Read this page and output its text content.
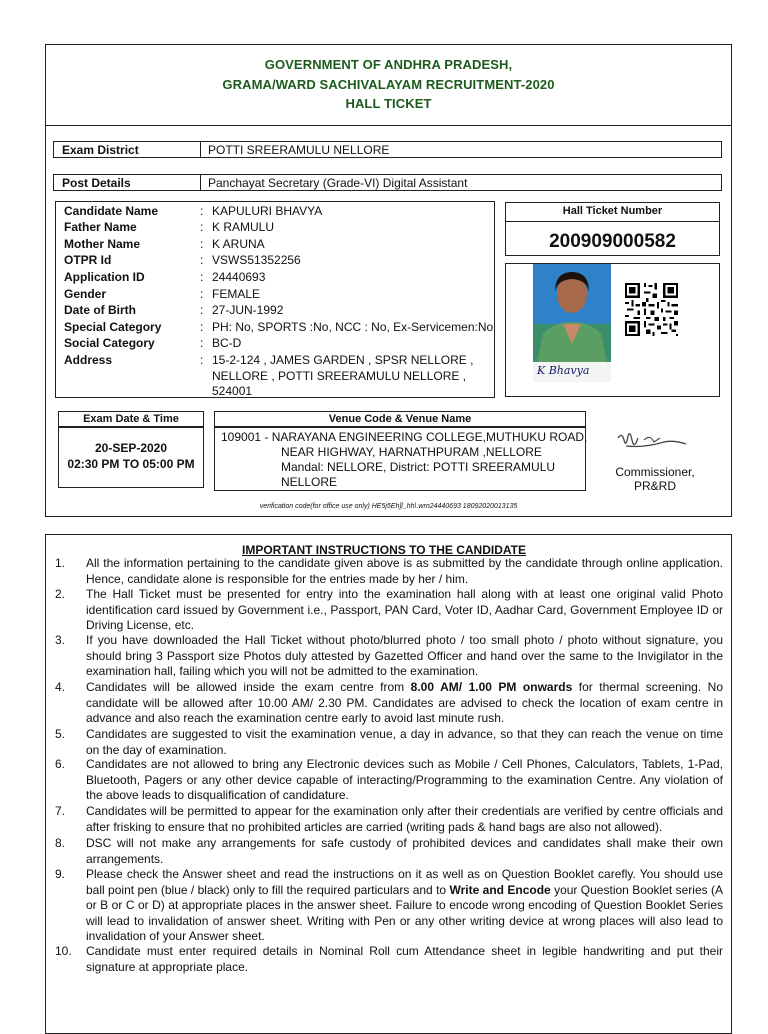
GOVERNMENT OF ANDHRA PRADESH,
GRAMA/WARD SACHIVALAYAM RECRUITMENT-2020
HALL TICKET
Exam District	POTTI SREERAMULU NELLORE
Post Details	Panchayat Secretary (Grade-VI) Digital Assistant
Candidate Name	: KAPULURI BHAVYA
Father Name	: K RAMULU
Mother Name	: K ARUNA
OTPR Id	: VSWS51352256
Application ID	: 24440693
Gender	: FEMALE
Date of Birth	: 27-JUN-1992
Special Category	: PH: No, SPORTS :No, NCC : No, Ex-Servicemen:No
Social Category	: BC-D
Address	: 15-2-124 , JAMES GARDEN , SPSR NELLORE ,
NELLORE , POTTI SREERAMULU NELLORE ,
524001
Hall Ticket Number
200909000582
K Bhavya
Exam Date & Time
20-SEP-2020
02:30 PM TO 05:00 PM
Venue Code & Venue Name
109001 - NARAYANA ENGINEERING COLLEGE,MUTHUKU ROAD,
NEAR HIGHWAY, HARNATHPURAM ,NELLORE
Mandal: NELLORE, District: POTTI SREERAMULU
NELLORE
Commissioner,
PR&RD
verification code(for office use only) HE5j5Eh]l_hh\.wrn24440693 18092020013135
IMPORTANT INSTRUCTIONS TO THE CANDIDATE
1. All the information pertaining to the candidate given above is as submitted by the candidate through online application. Hence, candidate alone is responsible for the entries made by her / him.
2. The Hall Ticket must be presented for entry into the examination hall along with at least one original valid Photo identification card issued by Government i.e., Passport, PAN Card, Voter ID, Aadhar Card, Government Employee ID or Driving License, etc.
3. If you have downloaded the Hall Ticket without photo/blurred photo / too small photo / photo without signature, you should bring 3 Passport size Photos duly attested by Gazetted Officer and hand over the same to the Invigilator in the examination hall, failing which you will not be admitted to the examination.
4. Candidates will be allowed inside the exam centre from 8.00 AM/ 1.00 PM onwards for thermal screening. No candidate will be allowed after 10.00 AM/ 2.30 PM. Candidates are advised to check the location of exam centre in advance and also reach the examination centre early to avoid last minute rush.
5. Candidates are suggested to visit the examination venue, a day in advance, so that they can reach the venue on time on the day of examination.
6. Candidates are not allowed to bring any Electronic devices such as Mobile / Cell Phones, Calculators, Tablets, 1-Pad, Bluetooth, Pagers or any other device capable of interacting/Programming to the examination Centre. Any violation of the above leads to disqualification of candidature.
7. Candidates will be permitted to appear for the examination only after their credentials are verified by centre officials and after frisking to ensure that no prohibited articles are carried (writing pads & hand bags are also not allowed).
8. DSC will not make any arrangements for safe custody of prohibited devices and candidates shall make their own arrangements.
9. Please check the Answer sheet and read the instructions on it as well as on Question Booklet carefly. You should use ball point pen (blue / black) only to fill the required particulars and to Write and Encode your Question Booklet series (A or B or C or D) at appropriate places in the answer sheet. Failure to encode wrong encoding of Question Booklet Series will lead to invalidation of answer sheet. Writing with Pen or any other writing device at wrong places will also lead to invalidation of your Answer sheet.
10. Candidate must enter required details in Nominal Roll cum Attendance sheet in legible handwriting and put their signature at appropriate place.
